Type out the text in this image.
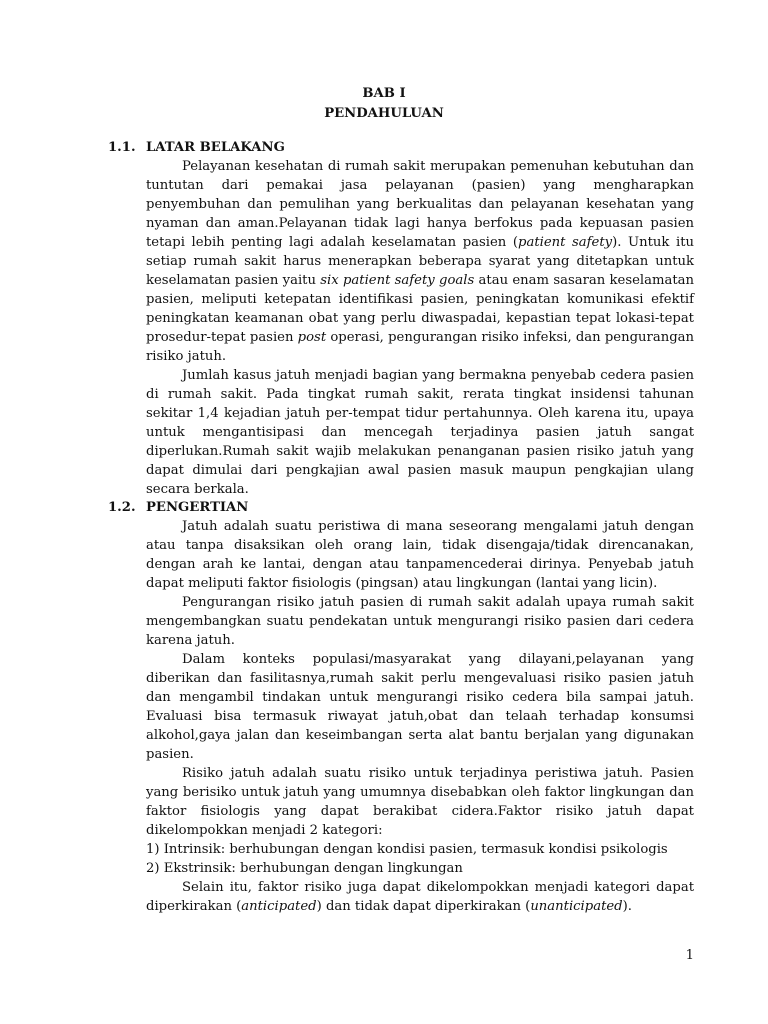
BAB I
PENDAHULUAN
1.1. LATAR BELAKANG

Pelayanan kesehatan di rumah sakit merupakan pemenuhan kebutuhan dan tuntutan dari pemakai jasa pelayanan (pasien) yang mengharapkan penyembuhan dan pemulihan yang berkualitas dan pelayanan kesehatan yang nyaman dan aman.Pelayanan tidak lagi hanya berfokus pada kepuasan pasien tetapi lebih penting lagi adalah keselamatan pasien (patient safety). Untuk itu setiap rumah sakit harus menerapkan beberapa syarat yang ditetapkan untuk keselamatan pasien yaitu six patient safety goals atau enam sasaran keselamatan pasien, meliputi ketepatan identifikasi pasien, peningkatan komunikasi efektif peningkatan keamanan obat yang perlu diwaspadai, kepastian tepat lokasi-tepat prosedur-tepat pasien post operasi, pengurangan risiko infeksi, dan pengurangan risiko jatuh.

Jumlah kasus jatuh menjadi bagian yang bermakna penyebab cedera pasien di rumah sakit. Pada tingkat rumah sakit, rerata tingkat insidensi tahunan sekitar 1,4 kejadian jatuh per-tempat tidur pertahunnya. Oleh karena itu, upaya untuk mengantisipasi dan mencegah terjadinya pasien jatuh sangat diperlukan.Rumah sakit wajib melakukan penanganan pasien risiko jatuh yang dapat dimulai dari pengkajian awal pasien masuk maupun pengkajian ulang secara berkala.

1.2. PENGERTIAN

Jatuh adalah suatu peristiwa di mana seseorang mengalami jatuh dengan atau tanpa disaksikan oleh orang lain, tidak disengaja/tidak direncanakan, dengan arah ke lantai, dengan atau tanpamencederai dirinya. Penyebab jatuh dapat meliputi faktor fisiologis (pingsan) atau lingkungan (lantai yang licin).

Pengurangan risiko jatuh pasien di rumah sakit adalah upaya rumah sakit mengembangkan suatu pendekatan untuk mengurangi risiko pasien dari cedera karena jatuh.

Dalam konteks populasi/masyarakat yang dilayani,pelayanan yang diberikan dan fasilitasnya,rumah sakit perlu mengevaluasi risiko pasien jatuh dan mengambil tindakan untuk mengurangi risiko cedera bila sampai jatuh. Evaluasi bisa termasuk riwayat jatuh,obat dan telaah terhadap konsumsi alkohol,gaya jalan dan keseimbangan serta alat bantu berjalan yang digunakan pasien.

Risiko jatuh adalah suatu risiko untuk terjadinya peristiwa jatuh. Pasien yang berisiko untuk jatuh yang umumnya disebabkan oleh faktor lingkungan dan faktor fisiologis yang dapat berakibat cidera.Faktor risiko jatuh dapat dikelompokkan menjadi 2 kategori:

1) Intrinsik: berhubungan dengan kondisi pasien, termasuk kondisi psikologis

2) Ekstrinsik: berhubungan dengan lingkungan

Selain itu, faktor risiko juga dapat dikelompokkan menjadi kategori dapat diperkirakan (anticipated) dan tidak dapat diperkirakan (unanticipated).

1
